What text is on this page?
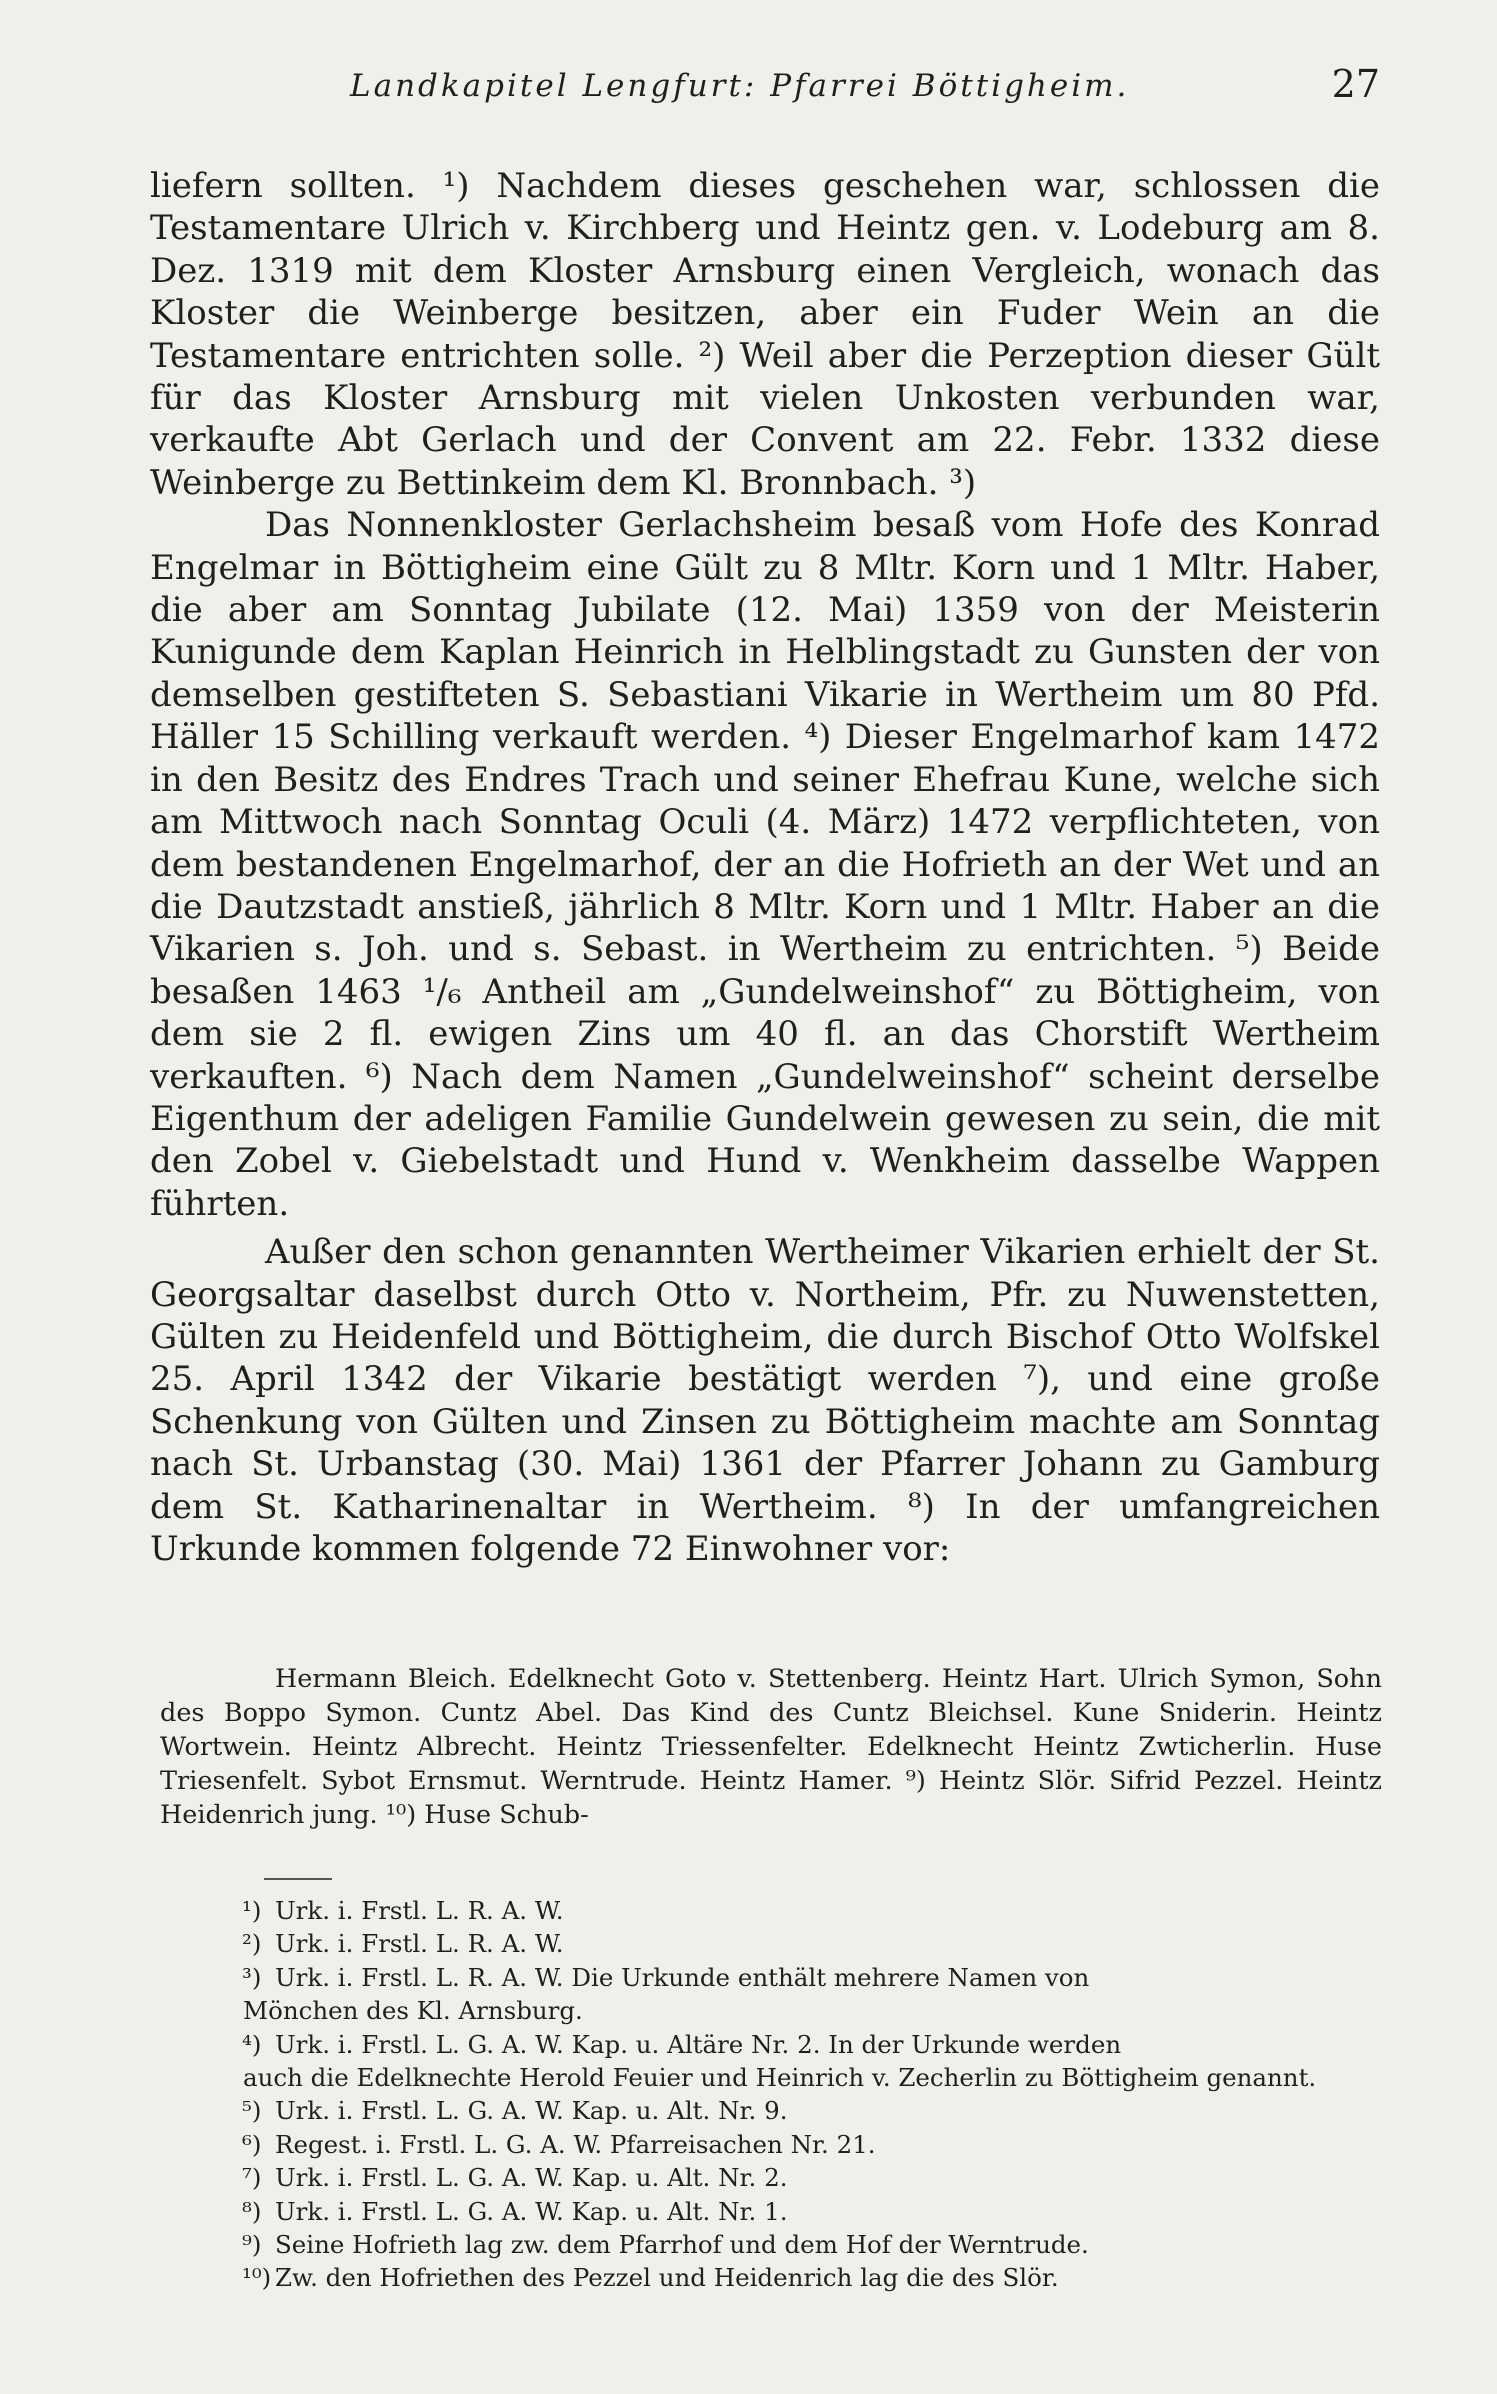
Landkapitel Lengfurt: Pfarrei Böttigheim.	27

liefern sollten. ¹) Nachdem dieses geschehen war, schlossen die Testamentare Ulrich v. Kirchberg und Heintz gen. v. Lodeburg am 8. Dez. 1319 mit dem Kloster Arnsburg einen Vergleich, wonach das Kloster die Weinberge besitzen, aber ein Fuder Wein an die Testamentare entrichten solle. ²) Weil aber die Perzeption dieser Gült für das Kloster Arnsburg mit vielen Unkosten verbunden war, verkaufte Abt Gerlach und der Convent am 22. Febr. 1332 diese Weinberge zu Bettinkeim dem Kl. Bronnbach. ³)

Das Nonnenkloster Gerlachsheim besaß vom Hofe des Konrad Engelmar in Böttigheim eine Gült zu 8 Mltr. Korn und 1 Mltr. Haber, die aber am Sonntag Jubilate (12. Mai) 1359 von der Meisterin Kunigunde dem Kaplan Heinrich in Helblingstadt zu Gunsten der von demselben gestifteten S. Sebastiani Vikarie in Wertheim um 80 Pfd. Häller 15 Schilling verkauft werden. ⁴) Dieser Engelmarhof kam 1472 in den Besitz des Endres Trach und seiner Ehefrau Kune, welche sich am Mittwoch nach Sonntag Oculi (4. März) 1472 verpflichteten, von dem bestandenen Engelmarhof, der an die Hofrieth an der Wet und an die Dautzstadt anstieß, jährlich 8 Mltr. Korn und 1 Mltr. Haber an die Vikarien s. Joh. und s. Sebast. in Wertheim zu entrichten. ⁵) Beide besaßen 1463 ¹/₆ Antheil am „Gundelweinshof“ zu Böttigheim, von dem sie 2 fl. ewigen Zins um 40 fl. an das Chorstift Wertheim verkauften. ⁶) Nach dem Namen „Gundelweinshof“ scheint derselbe Eigenthum der adeligen Familie Gundelwein gewesen zu sein, die mit den Zobel v. Giebelstadt und Hund v. Wenkheim dasselbe Wappen führten.

Außer den schon genannten Wertheimer Vikarien erhielt der St. Georgsaltar daselbst durch Otto v. Northeim, Pfr. zu Nuwenstetten, Gülten zu Heidenfeld und Böttigheim, die durch Bischof Otto Wolfskel 25. April 1342 der Vikarie bestätigt werden ⁷), und eine große Schenkung von Gülten und Zinsen zu Böttigheim machte am Sonntag nach St. Urbanstag (30. Mai) 1361 der Pfarrer Johann zu Gamburg dem St. Katharinenaltar in Wertheim. ⁸) In der umfangreichen Urkunde kommen folgende 72 Einwohner vor:

Hermann Bleich. Edelknecht Goto v. Stettenberg. Heintz Hart. Ulrich Symon, Sohn des Boppo Symon. Cuntz Abel. Das Kind des Cuntz Bleichsel. Kune Sniderin. Heintz Wortwein. Heintz Albrecht. Heintz Triessenfelter. Edelknecht Heintz Zwticherlin. Huse Triesenfelt. Sybot Ernsmut. Werntrude. Heintz Hamer. ⁹) Heintz Slör. Sifrid Pezzel. Heintz Heidenrich jung. ¹⁰) Huse Schub-

¹) Urk. i. Frstl. L. R. A. W.

²) Urk. i. Frstl. L. R. A. W.

³) Urk. i. Frstl. L. R. A. W. Die Urkunde enthält mehrere Namen von

Mönchen des Kl. Arnsburg.

⁴) Urk. i. Frstl. L. G. A. W. Kap. u. Altäre Nr. 2. In der Urkunde werden

auch die Edelknechte Herold Feuier und Heinrich v. Zecherlin zu Böttigheim genannt.

⁵) Urk. i. Frstl. L. G. A. W. Kap. u. Alt. Nr. 9.

⁶) Regest. i. Frstl. L. G. A. W. Pfarreisachen Nr. 21.

⁷) Urk. i. Frstl. L. G. A. W. Kap. u. Alt. Nr. 2.

⁸) Urk. i. Frstl. L. G. A. W. Kap. u. Alt. Nr. 1.

⁹) Seine Hofrieth lag zw. dem Pfarrhof und dem Hof der Werntrude.

¹⁰) Zw. den Hofriethen des Pezzel und Heidenrich lag die des Slör.
